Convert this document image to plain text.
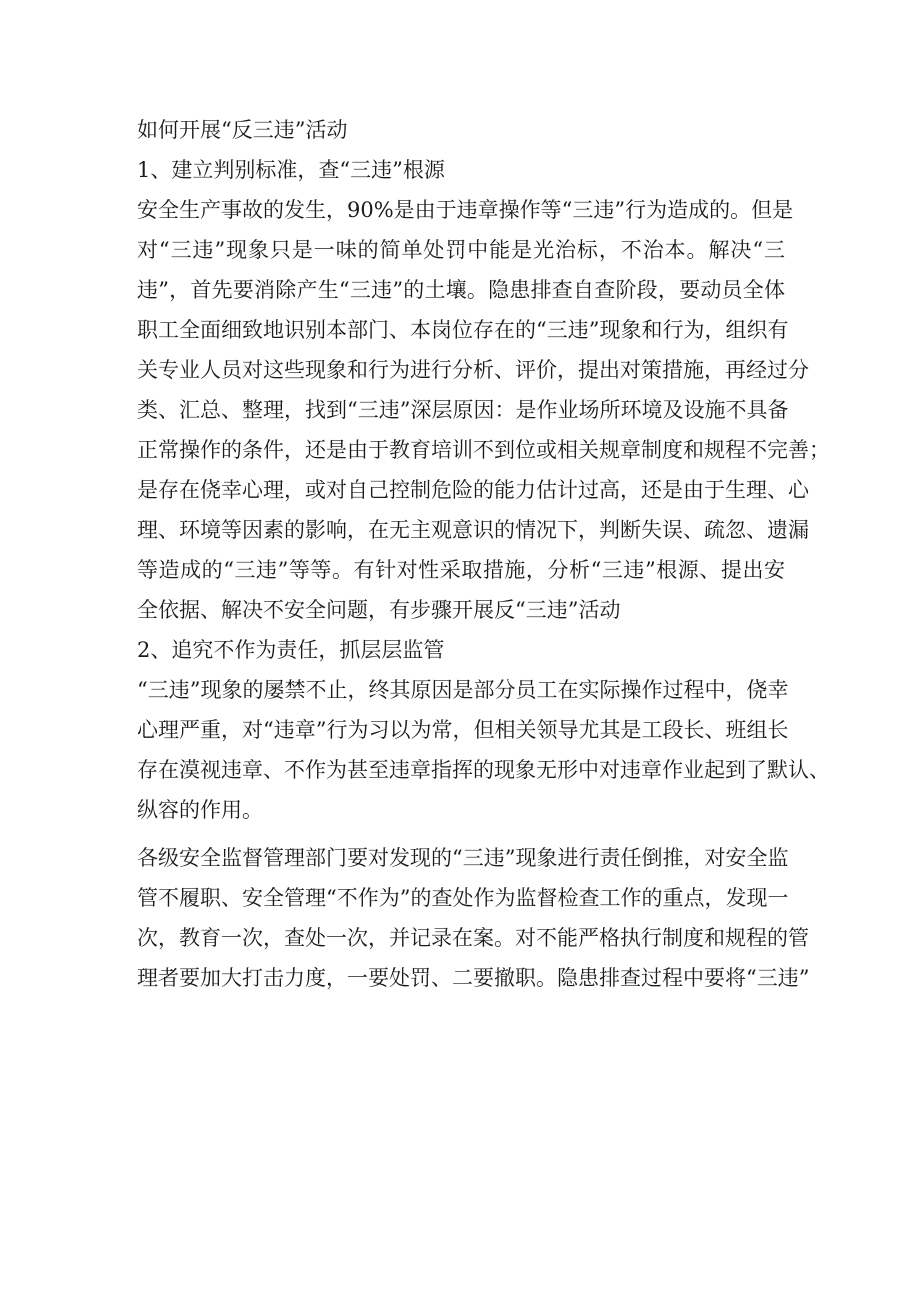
如何开展“反三违”活动
1、建立判别标准，查“三违”根源
安全生产事故的发生，90%是由于违章操作等“三违”行为造成的。但是
对“三违”现象只是一味的简单处罚中能是光治标，不治本。解决“三
违”，首先要消除产生“三违”的土壤。隐患排查自查阶段，要动员全体
职工全面细致地识别本部门、本岗位存在的“三违”现象和行为，组织有
关专业人员对这些现象和行为进行分析、评价，提出对策措施，再经过分
类、汇总、整理，找到“三违”深层原因：是作业场所环境及设施不具备
正常操作的条件，还是由于教育培训不到位或相关规章制度和规程不完善；
是存在侥幸心理，或对自己控制危险的能力估计过高，还是由于生理、心
理、环境等因素的影响，在无主观意识的情况下，判断失误、疏忽、遗漏
等造成的“三违”等等。有针对性采取措施，分析“三违”根源、提出安
全依据、解决不安全问题，有步骤开展反“三违”活动
2、追究不作为责任，抓层层监管
“三违”现象的屡禁不止，终其原因是部分员工在实际操作过程中，侥幸
心理严重，对“违章”行为习以为常，但相关领导尤其是工段长、班组长
存在漠视违章、不作为甚至违章指挥的现象无形中对违章作业起到了默认、
纵容的作用。
各级安全监督管理部门要对发现的“三违”现象进行责任倒推，对安全监
管不履职、安全管理“不作为”的查处作为监督检查工作的重点，发现一
次，教育一次，查处一次，并记录在案。对不能严格执行制度和规程的管
理者要加大打击力度，一要处罚、二要撤职。隐患排查过程中要将“三违”
